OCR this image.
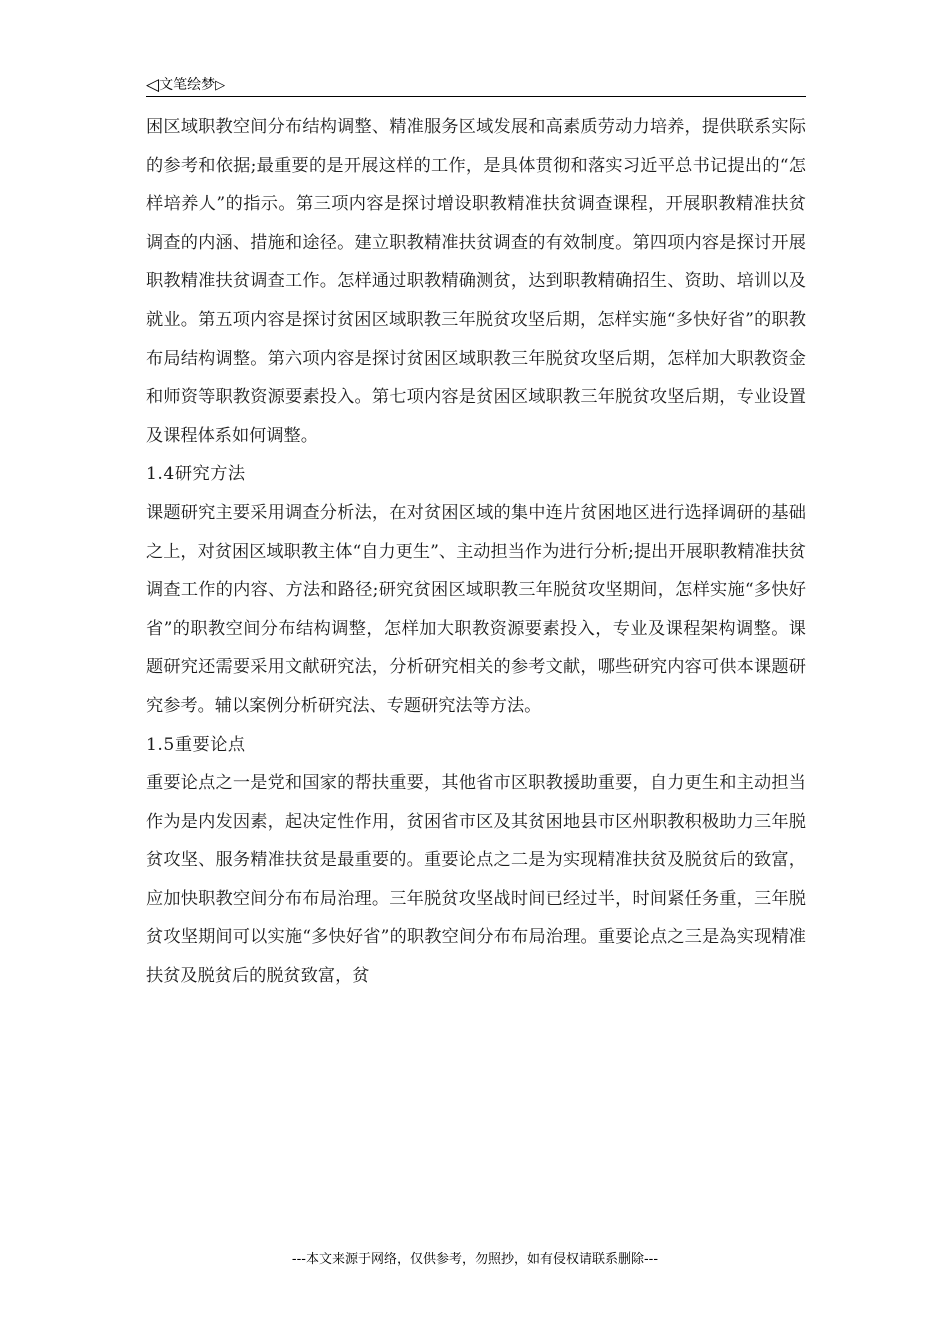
◁文笔绘梦▷

困区域职教空间分布结构调整、精准服务区域发展和高素质劳动力培养，提供联系实际的参考和依据;最重要的是开展这样的工作，是具体贯彻和落实习近平总书记提出的“怎样培养人”的指示。第三项内容是探讨增设职教精准扶贫调查课程，开展职教精准扶贫调查的内涵、措施和途径。建立职教精准扶贫调查的有效制度。第四项内容是探讨开展职教精准扶贫调查工作。怎样通过职教精确测贫，达到职教精确招生、资助、培训以及就业。第五项内容是探讨贫困区域职教三年脱贫攻坚后期，怎样实施“多快好省”的职教布局结构调整。第六项内容是探讨贫困区域职教三年脱贫攻坚后期，怎样加大职教资金和师资等职教资源要素投入。第七项内容是贫困区域职教三年脱贫攻坚后期，专业设置及课程体系如何调整。

1.4研究方法

课题研究主要采用调查分析法，在对贫困区域的集中连片贫困地区进行选择调研的基础之上，对贫困区域职教主体“自力更生”、主动担当作为进行分析;提出开展职教精准扶贫调查工作的内容、方法和路径;研究贫困区域职教三年脱贫攻坚期间，怎样实施“多快好省”的职教空间分布结构调整，怎样加大职教资源要素投入，专业及课程架构调整。课题研究还需要采用文献研究法，分析研究相关的参考文献，哪些研究内容可供本课题研究参考。辅以案例分析研究法、专题研究法等方法。

1.5重要论点

重要论点之一是党和国家的帮扶重要，其他省市区职教援助重要，自力更生和主动担当作为是内发因素，起决定性作用，贫困省市区及其贫困地县市区州职教积极助力三年脱贫攻坚、服务精准扶贫是最重要的。重要论点之二是为实现精准扶贫及脱贫后的致富，应加快职教空间分布布局治理。三年脱贫攻坚战时间已经过半，时间紧任务重，三年脱贫攻坚期间可以实施“多快好省”的职教空间分布布局治理。重要论点之三是為实现精准扶贫及脱贫后的脱贫致富，贫

---本文来源于网络，仅供参考，勿照抄，如有侵权请联系删除---
